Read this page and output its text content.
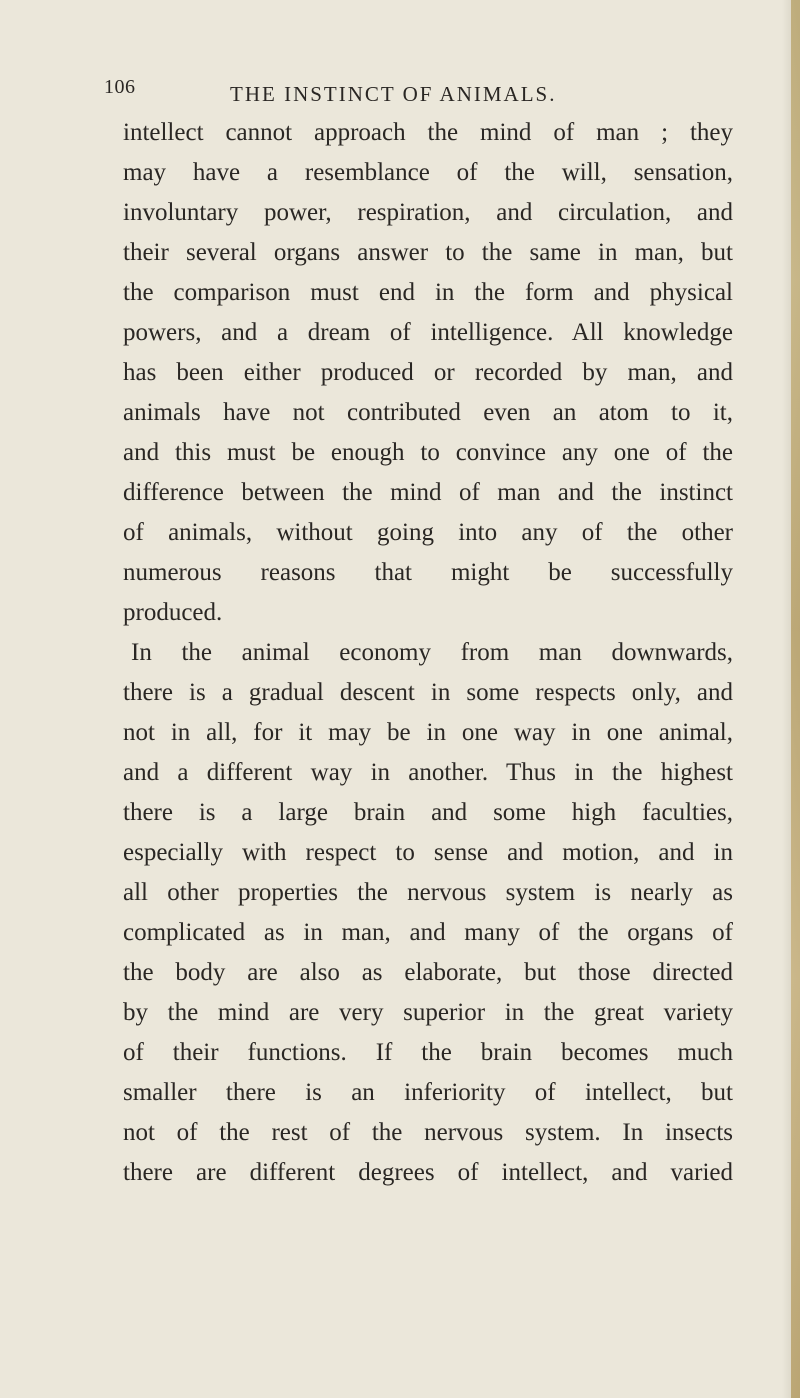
106	THE INSTINCT OF ANIMALS.
intellect cannot approach the mind of man ; they
may have a resemblance of the will, sensation,
involuntary power, respiration, and circulation, and
their several organs answer to the same in man, but
the comparison must end in the form and physical
powers, and a dream of intelligence. All knowledge
has been either produced or recorded by man, and
animals have not contributed even an atom to it,
and this must be enough to convince any one of the
difference between the mind of man and the instinct
of animals, without going into any of the other
numerous reasons that might be successfully
produced.
In the animal economy from man downwards,
there is a gradual descent in some respects only, and
not in all, for it may be in one way in one animal,
and a different way in another. Thus in the highest
there is a large brain and some high faculties,
especially with respect to sense and motion, and in
all other properties the nervous system is nearly as
complicated as in man, and many of the organs of
the body are also as elaborate, but those directed
by the mind are very superior in the great variety
of their functions. If the brain becomes much
smaller there is an inferiority of intellect, but
not of the rest of the nervous system. In insects
there are different degrees of intellect, and varied
